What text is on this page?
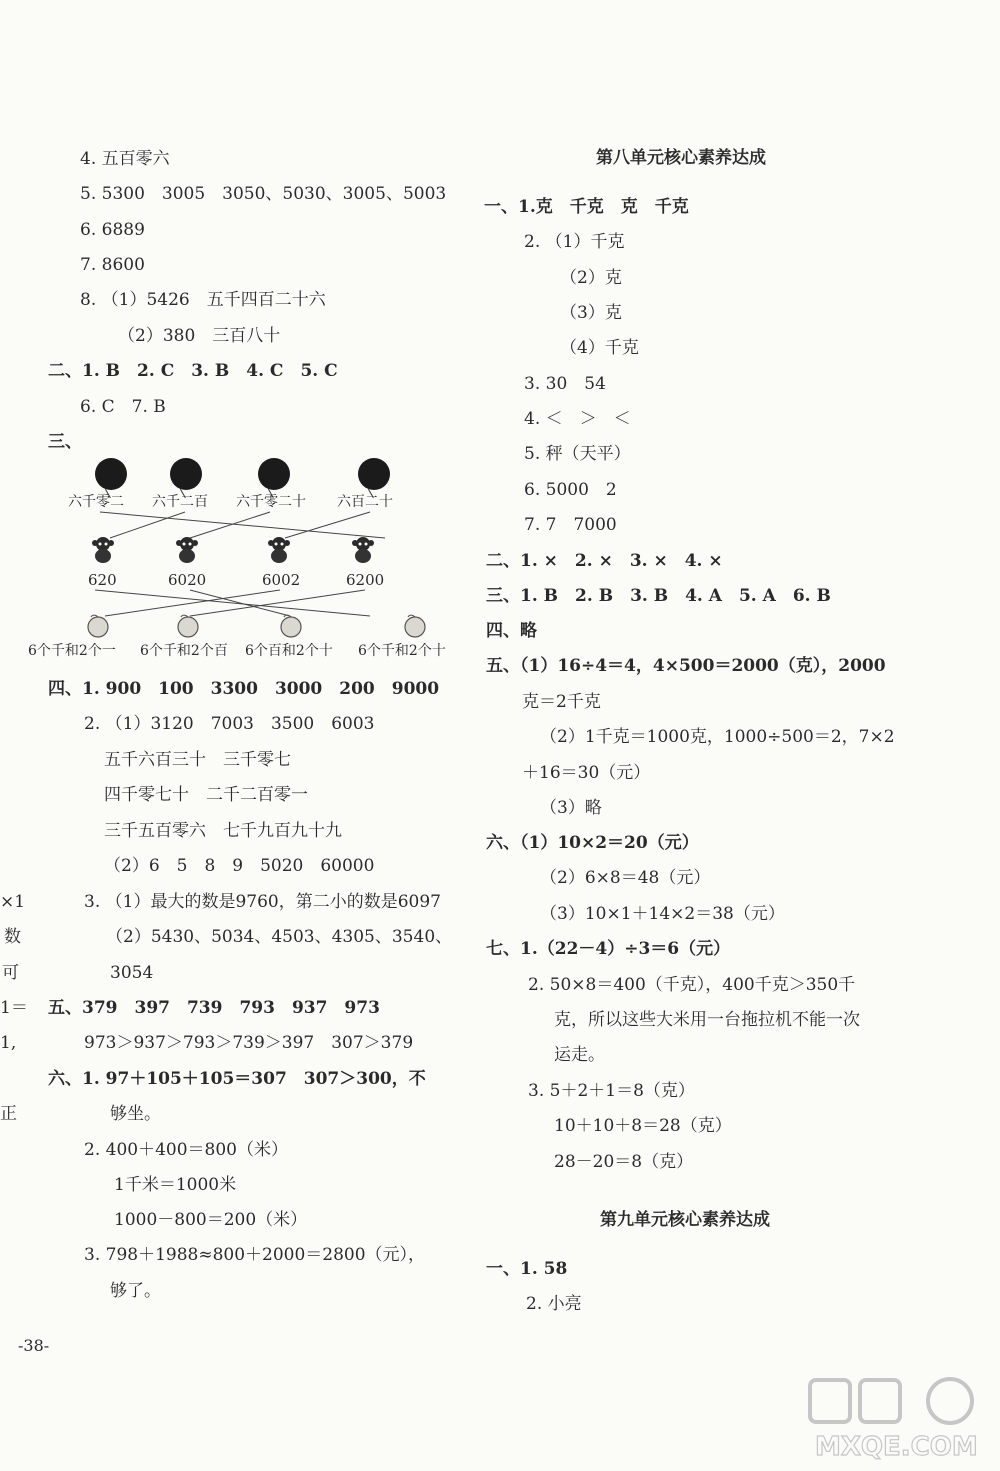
4. 五百零六
5. 5300　3005　3050、5030、3005、5003
6. 6889
7. 8600
8. （1）5426　五千四百二十六
（2）380　三百八十
二、1. B　2. C　3. B　4. C　5. C
6. C　7. B
三、
六千零二 六千二百 六千零二十 六百二十
620	6020	6002	6200
6个千和2个一 6个千和2个百 6个百和2个十 6个千和2个十
四、1. 900　100　3300　3000　200　9000
2. （1）3120　7003　3500　6003
五千六百三十　三千零七
四千零七十　二千二百零一
三千五百零六　七千九百九十九
（2）6　5　8　9　5020　60000
3. （1）最大的数是9760，第二小的数是6097
（2）5430、5034、4503、4305、3540、
3054
五、379　397　739　793　937　973
973＞937＞793＞739＞397　307＞379
六、1. 97＋105＋105＝307　307＞300，不
够坐。
2. 400＋400＝800（米）
1千米＝1000米
1000－800＝200（米）
3. 798＋1988≈800＋2000＝2800（元），
够了。
-38-
×1
数
可
1＝
1,
正
第八单元核心素养达成
一、1.克　千克　克　千克
2. （1）千克
（2）克
（3）克
（4）千克
3. 30　54
4. ＜　＞　＜
5. 秤（天平）
6. 5000　2
7. 7　7000
二、1. ×　2. ×　3. ×　4. ×
三、1. B　2. B　3. B　4. A　5. A　6. B
四、略
五、（1）16÷4＝4，4×500＝2000（克），2000
克＝2千克
（2）1千克＝1000克，1000÷500＝2，7×2
＋16＝30（元）
（3）略
六、（1）10×2＝20（元）
（2）6×8＝48（元）
（3）10×1＋14×2＝38（元）
七、1.（22－4）÷3＝6（元）
2. 50×8＝400（千克），400千克＞350千
克，所以这些大米用一台拖拉机不能一次
运走。
3. 5＋2＋1＝8（克）
10＋10＋8＝28（克）
28－20＝8（克）
第九单元核心素养达成
一、1. 58
2. 小亮
MXQE.COM
